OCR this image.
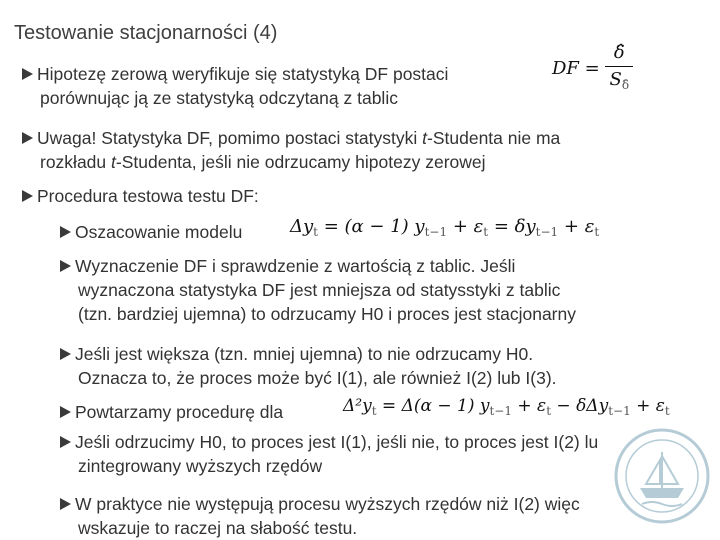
Testowanie stacjonarności (4)
Hipotezę zerową weryfikuje się statystyką DF postaci
porównując ją ze statystyką odczytaną z tablic
DF = $\frac{\deltâ}{S_{\deltâ}}$
Uwaga! Statystyka DF, pomimo postaci statystyki t-Studenta nie ma
rozkładu t-Studenta, jeśli nie odrzucamy hipotezy zerowej
Procedura testowa testu DF:
Oszacowanie modelu	$\Delta y_t = (\alpha - 1) y_{t-1} + \varepsilon_t = \delta y_{t-1} + \varepsilon_t$
Wyznaczenie DF i sprawdzenie z wartością z tablic. Jeśli
wyznaczona statystyka DF jest mniejsza od statysstyki z tablic
(tzn. bardziej ujemna) to odrzucamy H0 i proces jest stacjonarny
Jeśli jest większa (tzn. mniej ujemna) to nie odrzucamy H0.
Oznacza to, że proces może być I(1), ale również I(2) lub I(3).
Powtarzamy procedurę dla	$\Delta^2y_t = \Delta(\alpha - 1) y_{t-1} + \varepsilon_t - \delta\Delta y_{t-1} + \varepsilon_t$
Jeśli odrzucimy H0, to proces jest I(1), jeśli nie, to proces jest I(2) lu
zintegrowany wyższych rzędów
W praktyce nie występują procesu wyższych rzędów niż I(2) więc
wskazuje to raczej na słabość testu.
